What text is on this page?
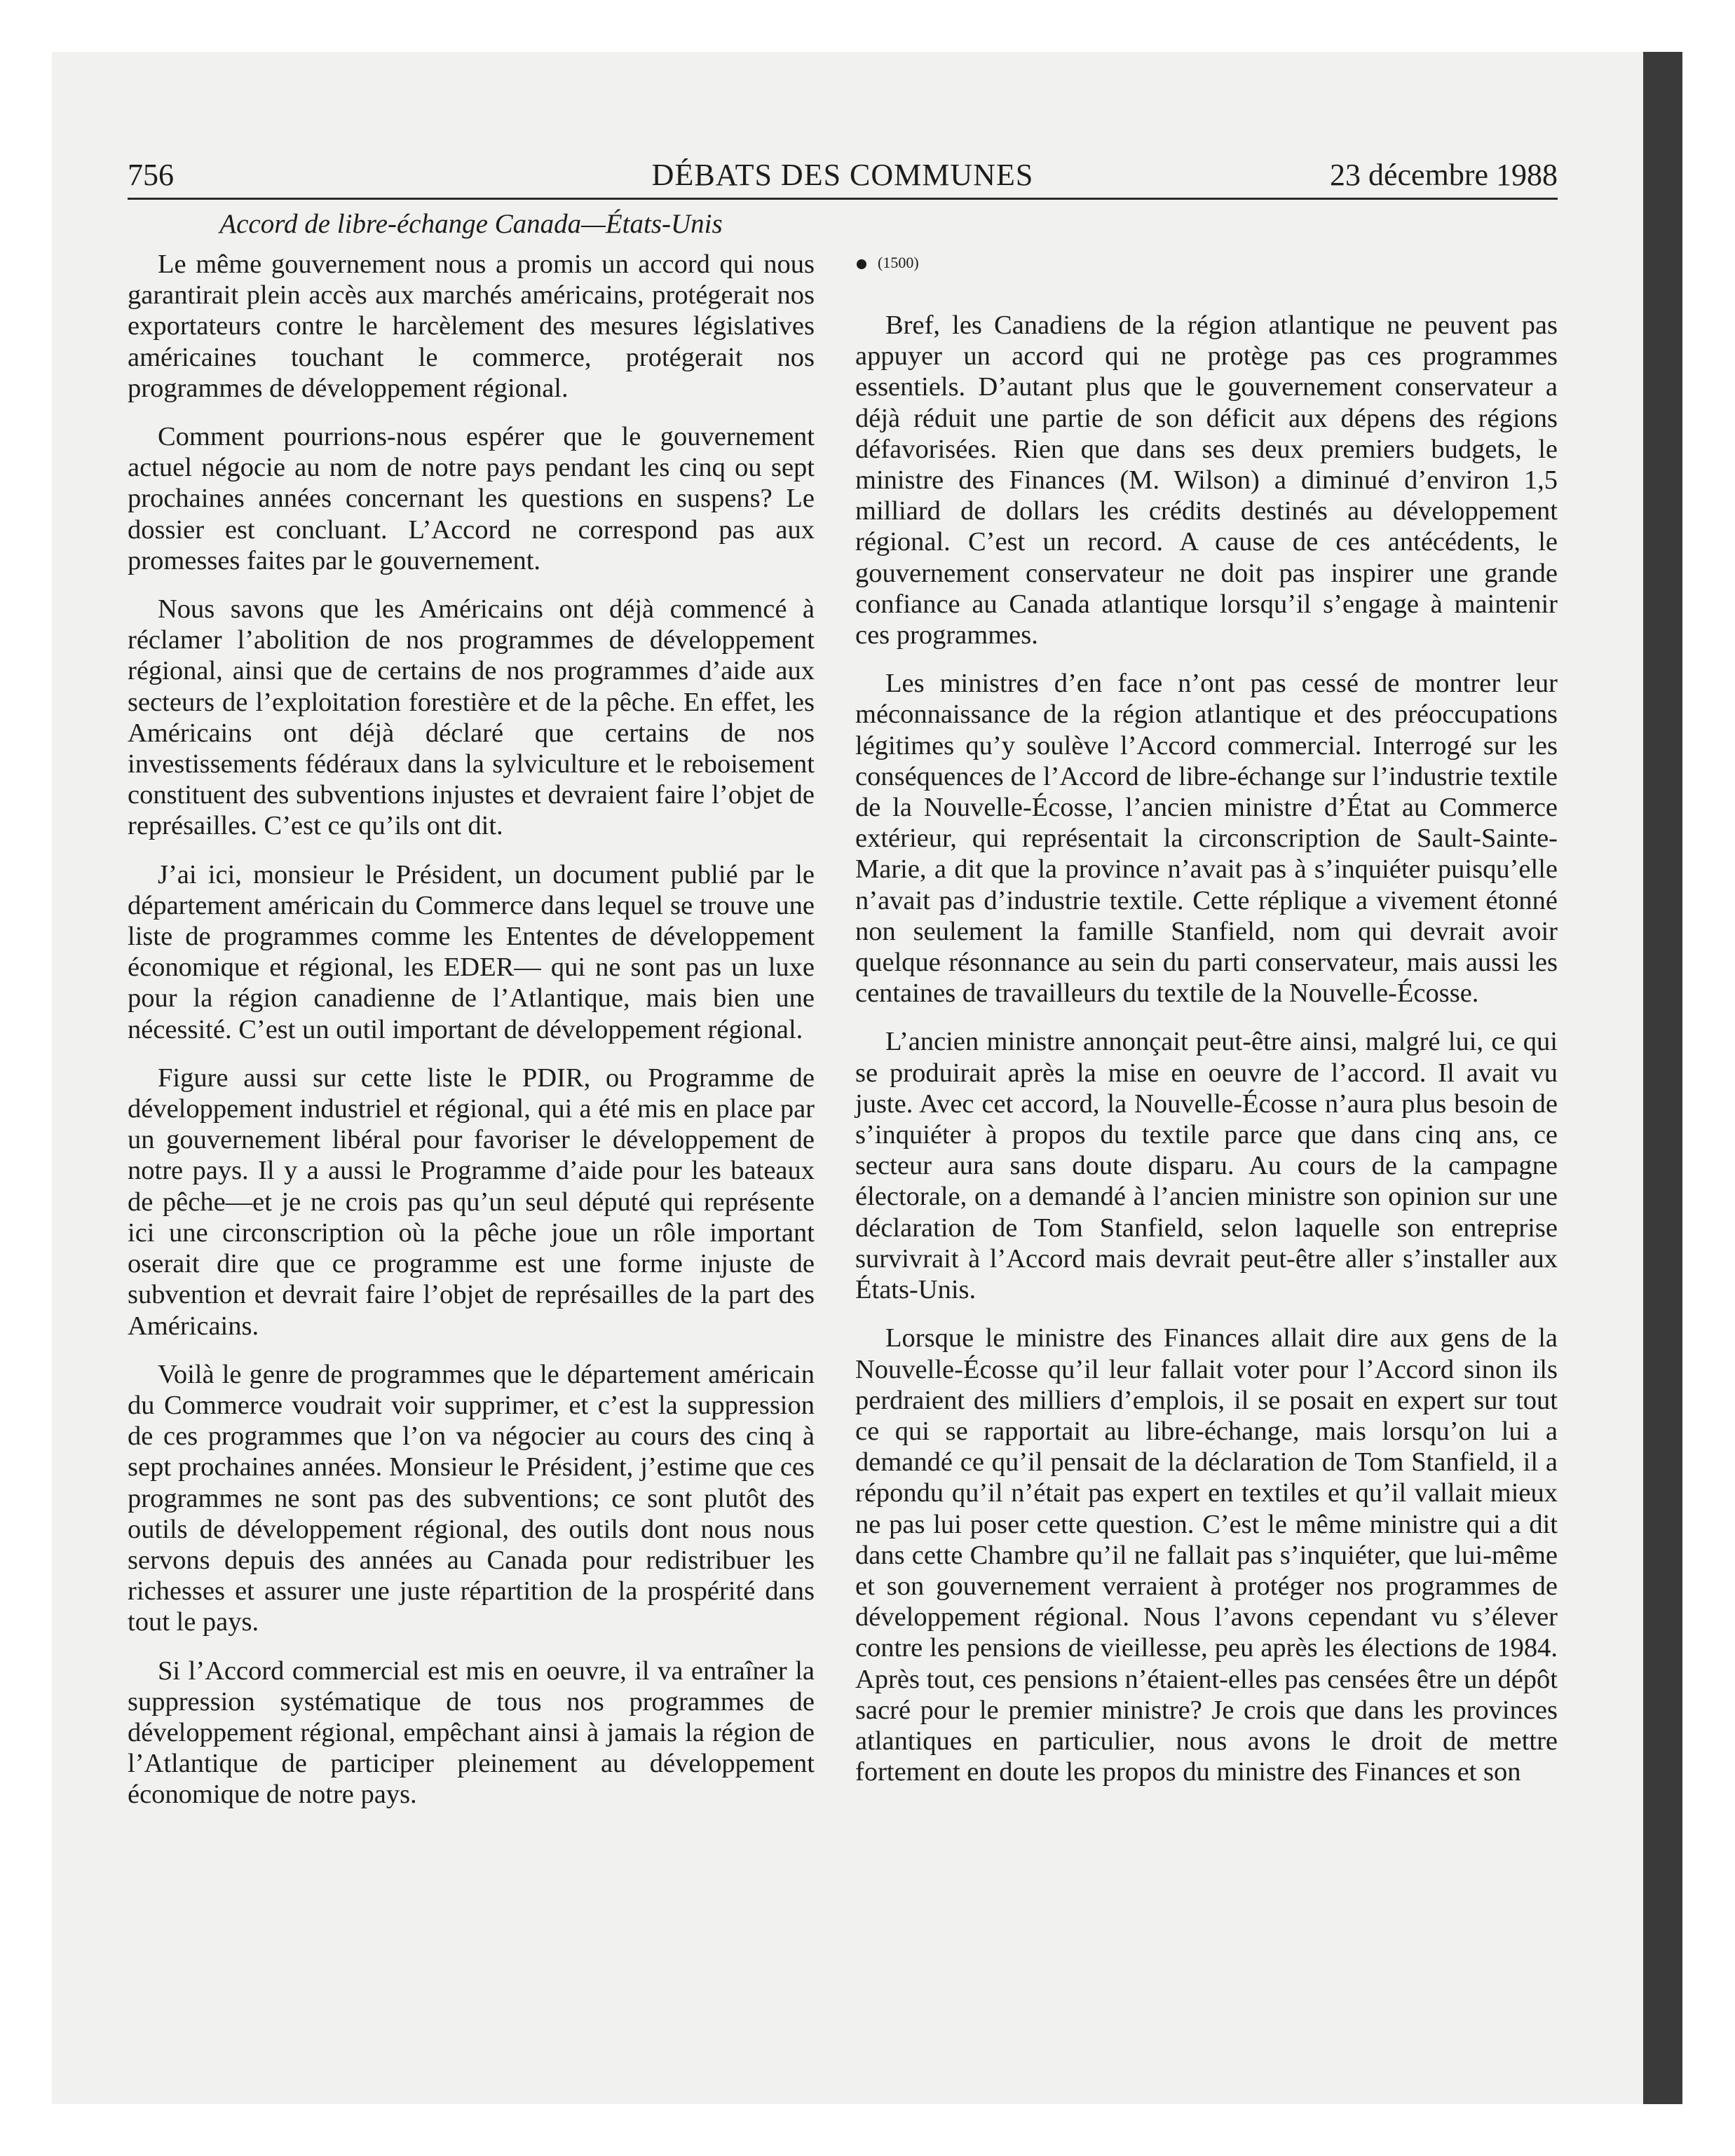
756	DÉBATS DES COMMUNES	23 décembre 1988
Accord de libre-échange Canada—États-Unis

Le même gouvernement nous a promis un accord qui nous garantirait plein accès aux marchés américains, protégerait nos exportateurs contre le harcèlement des mesures législatives américaines touchant le commerce, protégerait nos programmes de développement régional.

Comment pourrions-nous espérer que le gouvernement actuel négocie au nom de notre pays pendant les cinq ou sept prochaines années concernant les questions en suspens? Le dossier est concluant. L’Accord ne correspond pas aux promesses faites par le gouvernement.

Nous savons que les Américains ont déjà commencé à réclamer l’abolition de nos programmes de développement régional, ainsi que de certains de nos programmes d’aide aux secteurs de l’exploitation forestière et de la pêche. En effet, les Américains ont déjà déclaré que certains de nos investissements fédéraux dans la sylviculture et le reboisement constituent des subventions injustes et devraient faire l’objet de représailles. C’est ce qu’ils ont dit.

J’ai ici, monsieur le Président, un document publié par le département américain du Commerce dans lequel se trouve une liste de programmes comme les Ententes de développement économique et régional, les EDER— qui ne sont pas un luxe pour la région canadienne de l’Atlantique, mais bien une nécessité. C’est un outil important de développement régional.

Figure aussi sur cette liste le PDIR, ou Programme de développement industriel et régional, qui a été mis en place par un gouvernement libéral pour favoriser le développement de notre pays. Il y a aussi le Programme d’aide pour les bateaux de pêche—et je ne crois pas qu’un seul député qui représente ici une circonscription où la pêche joue un rôle important oserait dire que ce programme est une forme injuste de subvention et devrait faire l’objet de représailles de la part des Américains.

Voilà le genre de programmes que le département américain du Commerce voudrait voir supprimer, et c’est la suppression de ces programmes que l’on va négocier au cours des cinq à sept prochaines années. Monsieur le Président, j’estime que ces programmes ne sont pas des subventions; ce sont plutôt des outils de développement régional, des outils dont nous nous servons depuis des années au Canada pour redistribuer les richesses et assurer une juste répartition de la prospérité dans tout le pays.

Si l’Accord commercial est mis en oeuvre, il va entraîner la suppression systématique de tous nos programmes de développement régional, empêchant ainsi à jamais la région de l’Atlantique de participer pleinement au développement économique de notre pays.

(1500)

Bref, les Canadiens de la région atlantique ne peuvent pas appuyer un accord qui ne protège pas ces programmes essentiels. D’autant plus que le gouvernement conservateur a déjà réduit une partie de son déficit aux dépens des régions défavorisées. Rien que dans ses deux premiers budgets, le ministre des Finances (M. Wilson) a diminué d’environ 1,5 milliard de dollars les crédits destinés au développement régional. C’est un record. A cause de ces antécédents, le gouvernement conservateur ne doit pas inspirer une grande confiance au Canada atlantique lorsqu’il s’engage à maintenir ces programmes.

Les ministres d’en face n’ont pas cessé de montrer leur méconnaissance de la région atlantique et des préoccupations légitimes qu’y soulève l’Accord commercial. Interrogé sur les conséquences de l’Accord de libre-échange sur l’industrie textile de la Nouvelle-Écosse, l’ancien ministre d’État au Commerce extérieur, qui représentait la circonscription de Sault-Sainte-Marie, a dit que la province n’avait pas à s’inquiéter puisqu’elle n’avait pas d’industrie textile. Cette réplique a vivement étonné non seulement la famille Stanfield, nom qui devrait avoir quelque résonnance au sein du parti conservateur, mais aussi les centaines de travailleurs du textile de la Nouvelle-Écosse.

L’ancien ministre annonçait peut-être ainsi, malgré lui, ce qui se produirait après la mise en oeuvre de l’accord. Il avait vu juste. Avec cet accord, la Nouvelle-Écosse n’aura plus besoin de s’inquiéter à propos du textile parce que dans cinq ans, ce secteur aura sans doute disparu. Au cours de la campagne électorale, on a demandé à l’ancien ministre son opinion sur une déclaration de Tom Stanfield, selon laquelle son entreprise survivrait à l’Accord mais devrait peut-être aller s’installer aux États-Unis.

Lorsque le ministre des Finances allait dire aux gens de la Nouvelle-Écosse qu’il leur fallait voter pour l’Accord sinon ils perdraient des milliers d’emplois, il se posait en expert sur tout ce qui se rapportait au libre-échange, mais lorsqu’on lui a demandé ce qu’il pensait de la déclaration de Tom Stanfield, il a répondu qu’il n’était pas expert en textiles et qu’il vallait mieux ne pas lui poser cette question. C’est le même ministre qui a dit dans cette Chambre qu’il ne fallait pas s’inquiéter, que lui-même et son gouvernement verraient à protéger nos programmes de développement régional. Nous l’avons cependant vu s’élever contre les pensions de vieillesse, peu après les élections de 1984. Après tout, ces pensions n’étaient-elles pas censées être un dépôt sacré pour le premier ministre? Je crois que dans les provinces atlantiques en particulier, nous avons le droit de mettre fortement en doute les propos du ministre des Finances et son
